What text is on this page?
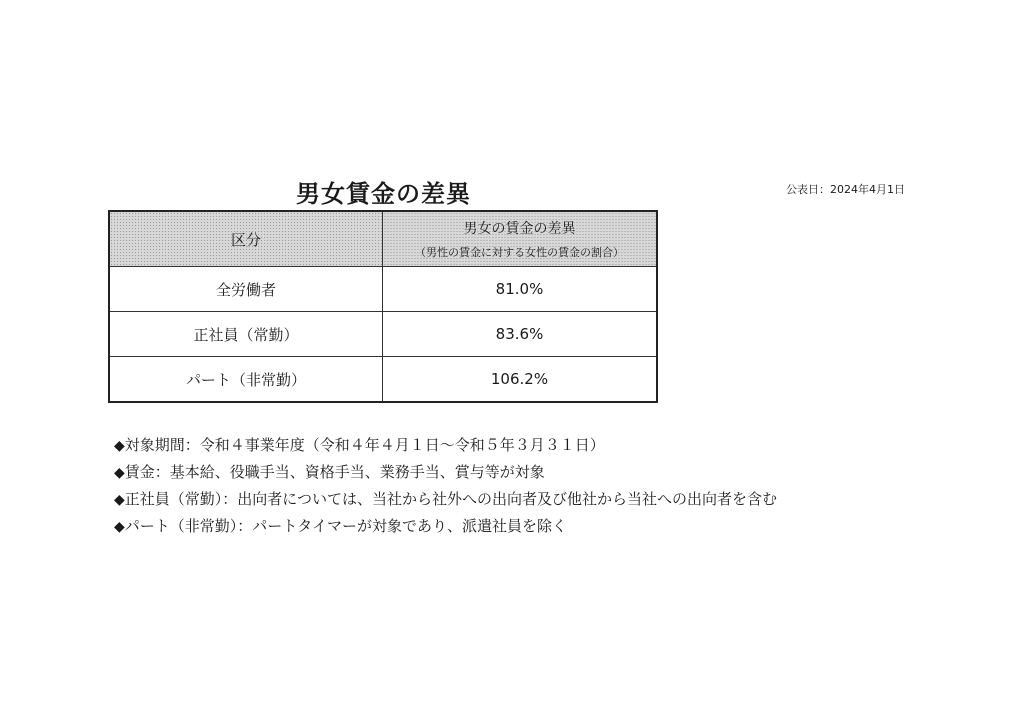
男女賃金の差異	公表日：2024年4月1日
区分	男女の賃金の差異
（男性の賃金に対する女性の賃金の割合）

全労働者	81.0%
正社員（常勤）	83.6%
パート（非常勤）	106.2%
◆対象期間：令和４事業年度（令和４年４月１日～令和５年３月３１日）
◆賃金：基本給、役職手当、資格手当、業務手当、賞与等が対象
◆正社員（常勤）：出向者については、当社から社外への出向者及び他社から当社への出向者を含む
◆パート（非常勤）：パートタイマーが対象であり、派遣社員を除く
